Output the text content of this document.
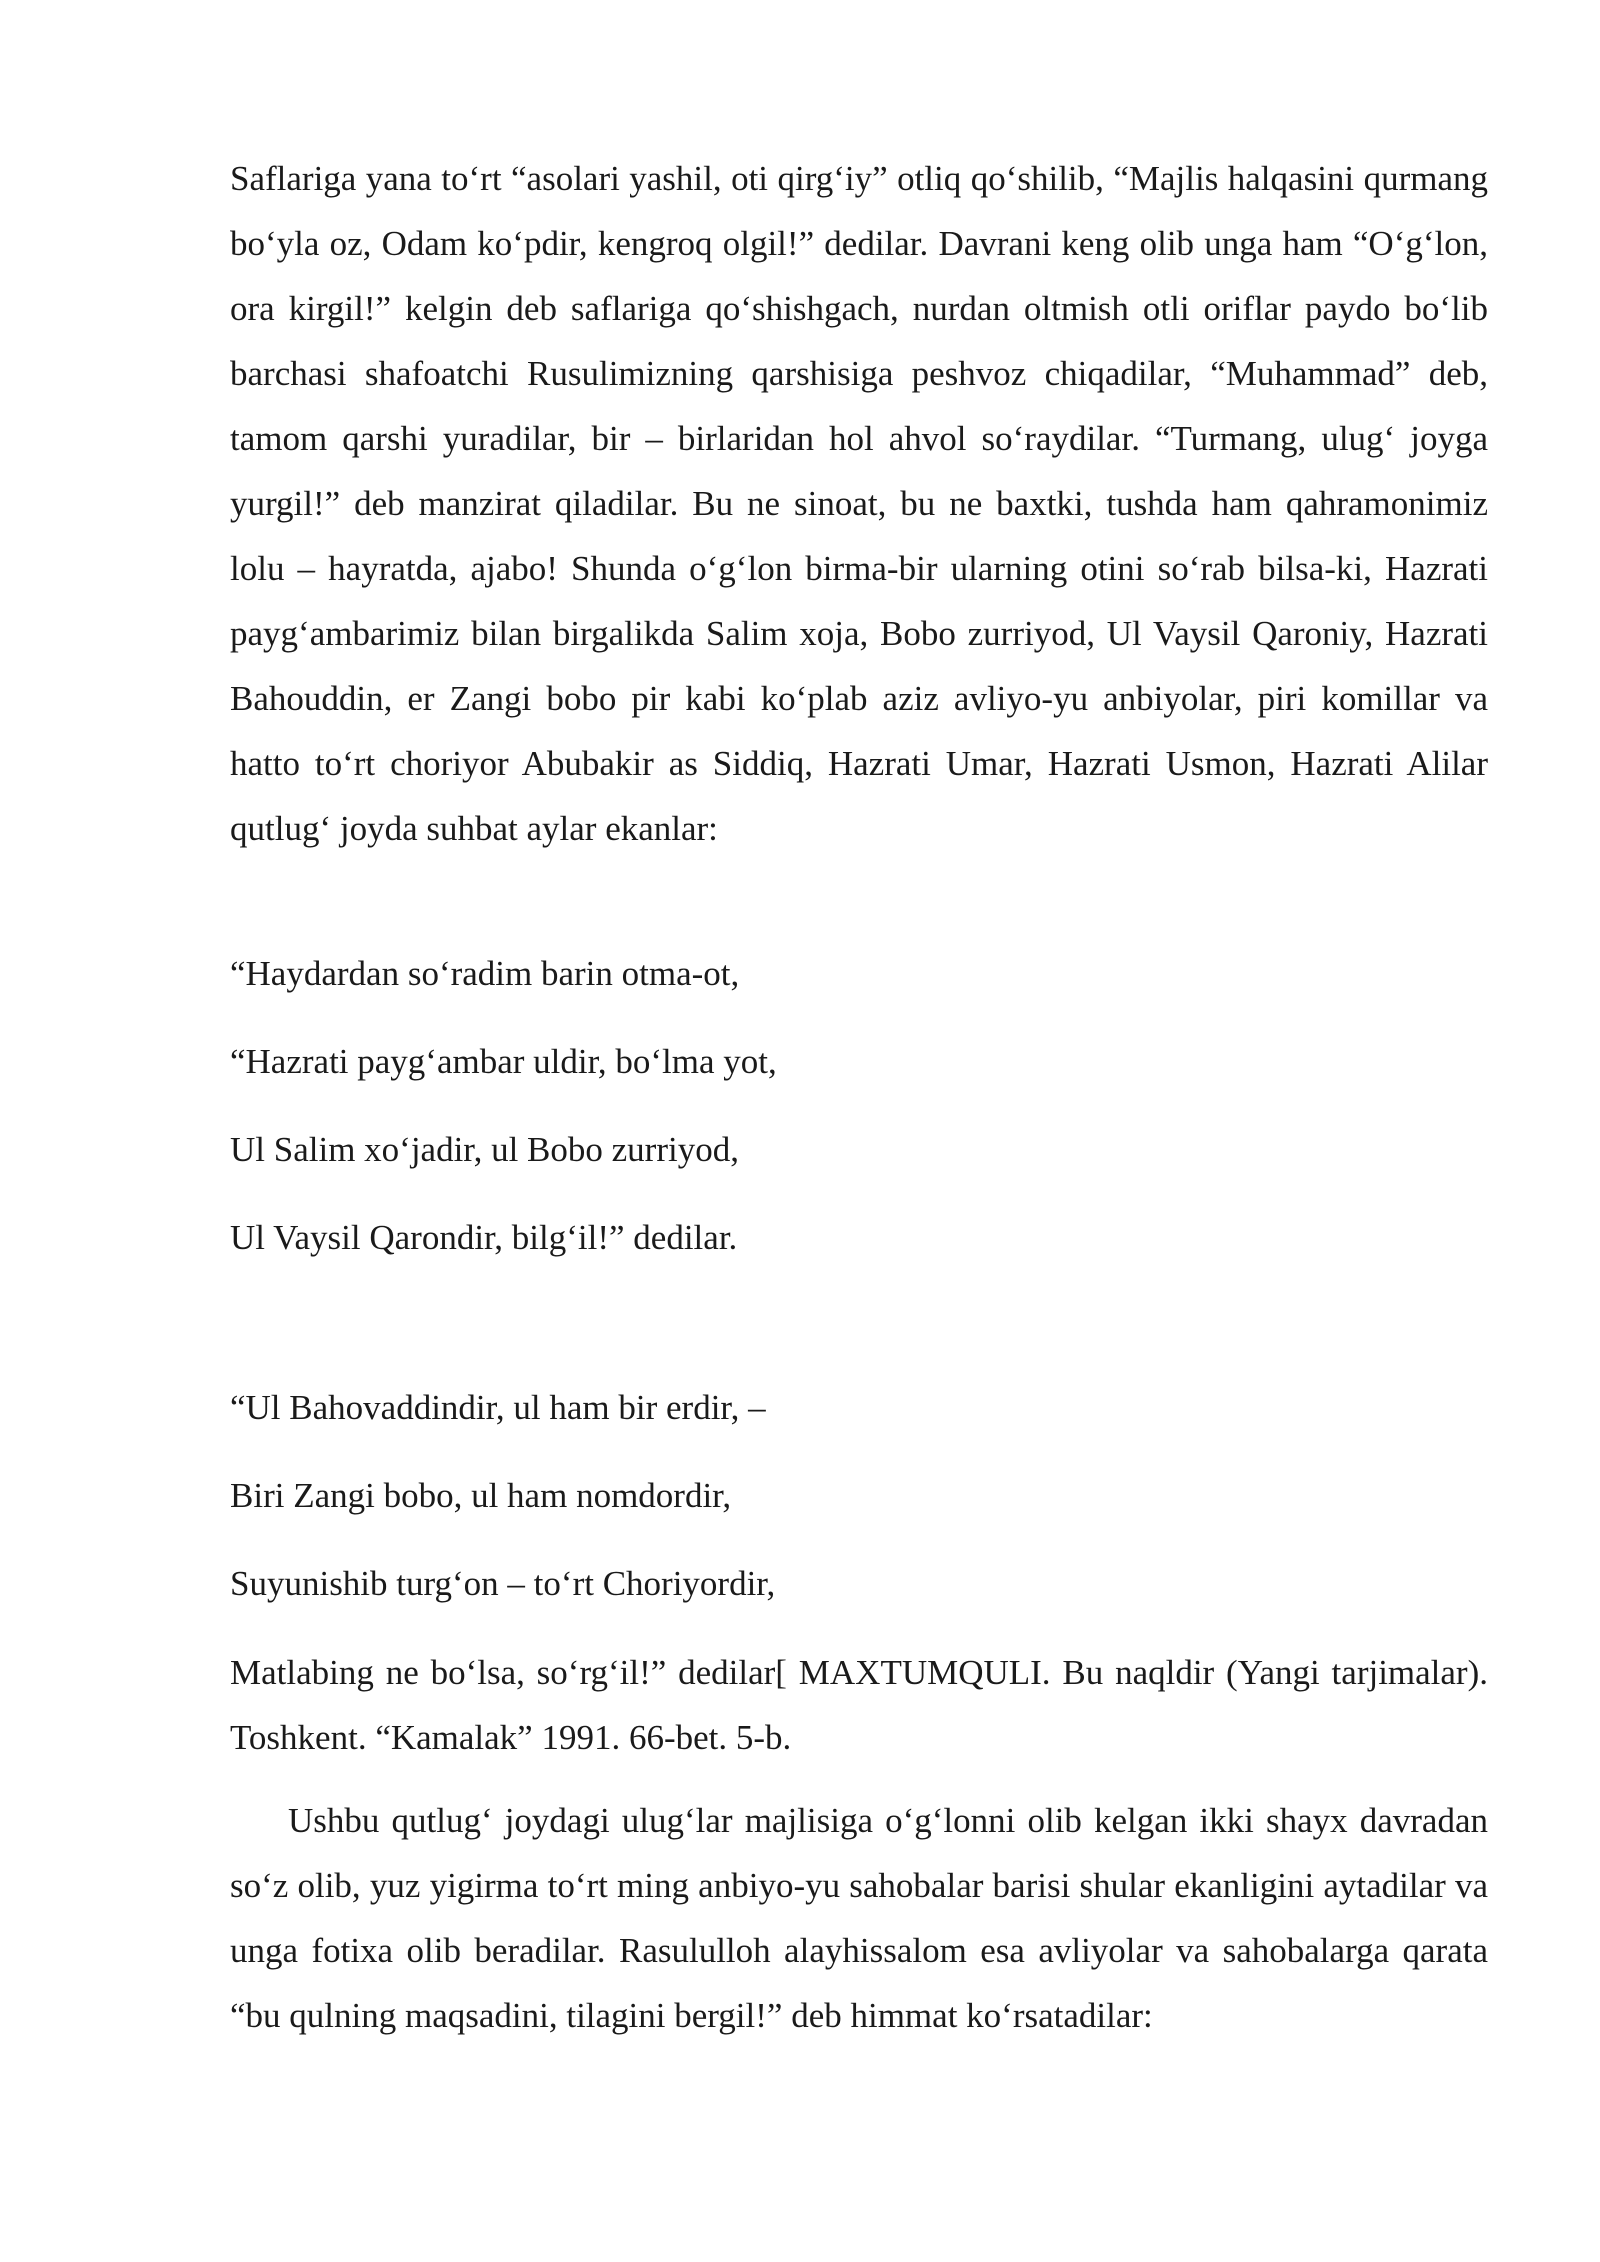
Saflariga yana to‘rt “asolari yashil, oti qirg‘iy” otliq qo‘shilib, “Majlis halqasini qurmang bo‘yla oz, Odam ko‘pdir, kengroq olgil!” dedilar. Davrani keng olib unga ham “O‘g‘lon, ora kirgil!” kelgin deb saflariga qo‘shishgach, nurdan oltmish otli oriflar paydo bo‘lib barchasi shafoatchi Rusulimizning qarshisiga peshvoz chiqadilar, “Muhammad” deb, tamom qarshi yuradilar, bir – birlaridan hol ahvol so‘raydilar. “Turmang, ulug‘ joyga yurgil!” deb manzirat qiladilar. Bu ne sinoat, bu ne baxtki, tushda ham qahramonimiz lolu – hayratda, ajabo! Shunda o‘g‘lon birma-bir ularning otini so‘rab bilsa-ki, Hazrati payg‘ambarimiz bilan birgalikda Salim xoja, Bobo zurriyod, Ul Vaysil Qaroniy, Hazrati Bahouddin, er Zangi bobo pir kabi ko‘plab aziz avliyo-yu anbiyolar, piri komillar va hatto to‘rt choriyor Abubakir as Siddiq, Hazrati Umar, Hazrati Usmon, Hazrati Alilar qutlug‘ joyda suhbat aylar ekanlar:

“Haydardan so‘radim barin otma-ot,

“Hazrati payg‘ambar uldir, bo‘lma yot,

Ul Salim xo‘jadir, ul Bobo zurriyod,

Ul Vaysil Qarondir, bilg‘il!” dedilar.

“Ul Bahovaddindir, ul ham bir erdir, –

Biri Zangi bobo, ul ham nomdordir,

Suyunishib turg‘on – to‘rt Choriyordir,

Matlabing ne bo‘lsa, so‘rg‘il!” dedilar[ MAXTUMQULI. Bu naqldir (Yangi tarjimalar). Toshkent. “Kamalak” 1991. 66-bet. 5-b.

Ushbu qutlug‘ joydagi ulug‘lar majlisiga o‘g‘lonni olib kelgan ikki shayx davradan so‘z olib, yuz yigirma to‘rt ming anbiyo-yu sahobalar barisi shular ekanligini aytadilar va unga fotixa olib beradilar. Rasululloh alayhissalom esa avliyolar va sahobalarga qarata “bu qulning maqsadini, tilagini bergil!” deb himmat ko‘rsatadilar:
